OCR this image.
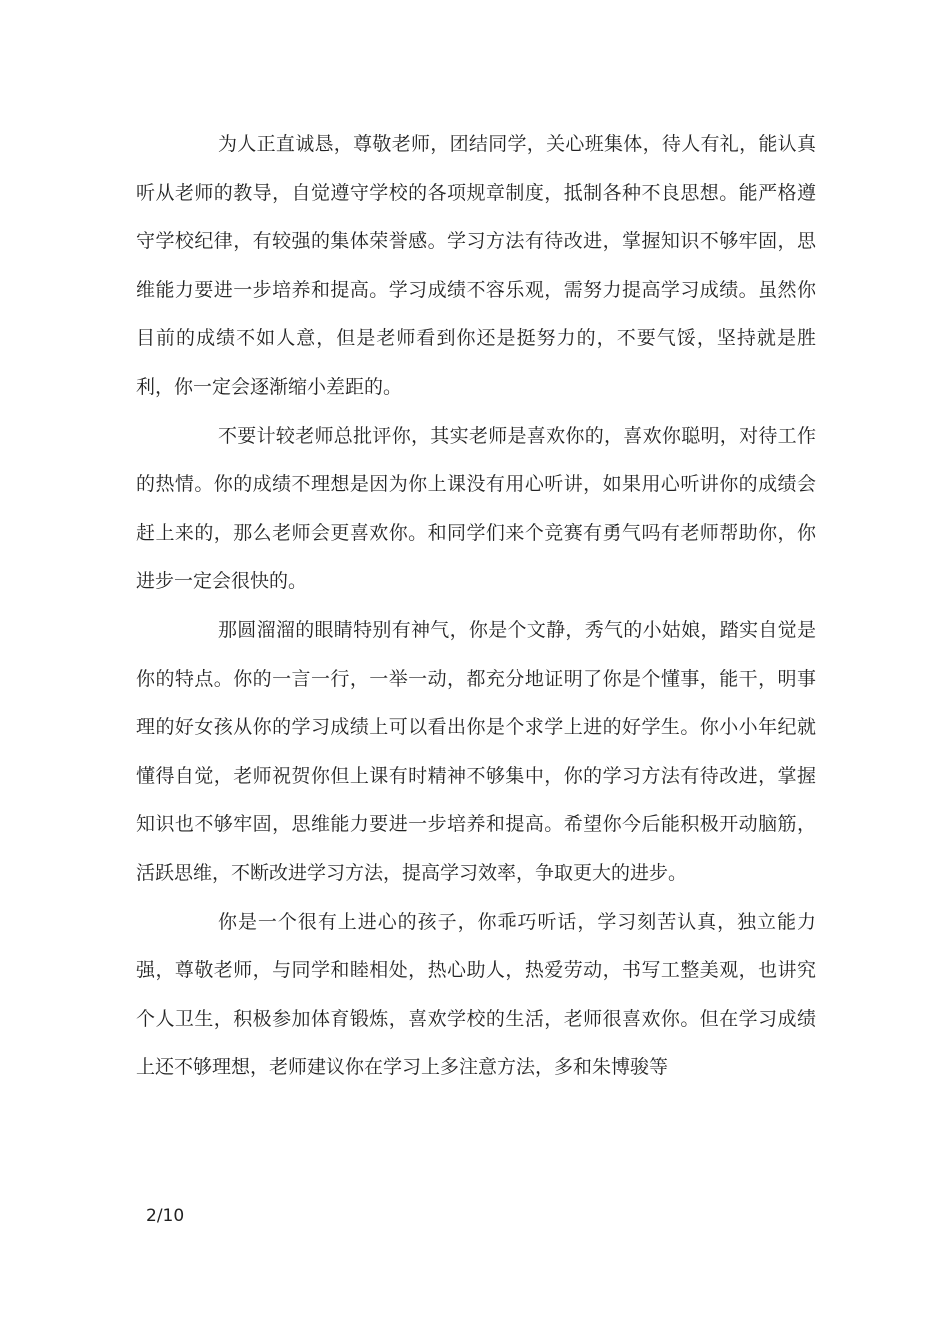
为人正直诚恳，尊敬老师，团结同学，关心班集体，待人有礼，能认真听从老师的教导，自觉遵守学校的各项规章制度，抵制各种不良思想。能严格遵守学校纪律，有较强的集体荣誉感。学习方法有待改进，掌握知识不够牢固，思维能力要进一步培养和提高。学习成绩不容乐观，需努力提高学习成绩。虽然你目前的成绩不如人意，但是老师看到你还是挺努力的，不要气馁，坚持就是胜利，你一定会逐渐缩小差距的。

不要计较老师总批评你，其实老师是喜欢你的，喜欢你聪明，对待工作的热情。你的成绩不理想是因为你上课没有用心听讲，如果用心听讲你的成绩会赶上来的，那么老师会更喜欢你。和同学们来个竞赛有勇气吗有老师帮助你，你进步一定会很快的。

那圆溜溜的眼睛特别有神气，你是个文静，秀气的小姑娘，踏实自觉是你的特点。你的一言一行，一举一动，都充分地证明了你是个懂事，能干，明事理的好女孩从你的学习成绩上可以看出你是个求学上进的好学生。你小小年纪就懂得自觉，老师祝贺你但上课有时精神不够集中，你的学习方法有待改进，掌握知识也不够牢固，思维能力要进一步培养和提高。希望你今后能积极开动脑筋，活跃思维，不断改进学习方法，提高学习效率，争取更大的进步。

你是一个很有上进心的孩子，你乖巧听话，学习刻苦认真，独立能力强，尊敬老师，与同学和睦相处，热心助人，热爱劳动，书写工整美观，也讲究个人卫生，积极参加体育锻炼，喜欢学校的生活，老师很喜欢你。但在学习成绩上还不够理想，老师建议你在学习上多注意方法，多和朱博骏等

2/10
